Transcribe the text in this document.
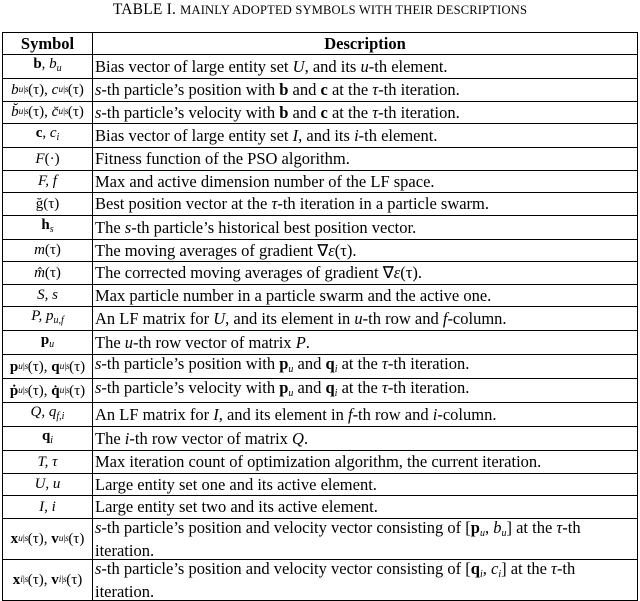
TABLE I. MAINLY ADOPTED SYMBOLS WITH THEIR DESCRIPTIONS
Symbol	Description
b, $b_u$	Bias vector of large entity set U, and its u-th element.
bu|s(τ), cu|s(τ)	s-th particle’s position with b and c at the τ-th iteration.
b̆u|s(τ), c̆u|s(τ)	s-th particle’s velocity with b and c at the τ-th iteration.
c, $c_i$	Bias vector of large entity set I, and its i-th element.
F(·)	Fitness function of the PSO algorithm.
F, f	Max and active dimension number of the LF space.
ğ(τ)	Best position vector at the τ-th iteration in a particle swarm.
$h_s$	The s-th particle’s historical best position vector.
m(τ)	The moving averages of gradient ∇ε(τ).
m̂(τ)	The corrected moving averages of gradient ∇ε(τ).
S, s	Max particle number in a particle swarm and the active one.
P, $p_{u,f}$	An LF matrix for U, and its element in u-th row and f-column.
$p_u$	The u-th row vector of matrix P.
pu|s(τ), qu|s(τ)	s-th particle’s position with $p_u$ and $q_i$ at the τ-th iteration.
ṗu|s(τ), q̇u|s(τ)	s-th particle’s velocity with $p_u$ and $q_i$ at the τ-th iteration.
Q, $q_{f,i}$	An LF matrix for I, and its element in f-th row and i-column.
$q_i$	The i-th row vector of matrix Q.
T, τ	Max iteration count of optimization algorithm, the current iteration.
U, u	Large entity set one and its active element.
I, i	Large entity set two and its active element.
xu|s(τ), vu|s(τ)	s-th particle’s position and velocity vector consisting of [$p_u$, $b_u$] at the τ-th iteration.
xi|s(τ), vi|s(τ)	s-th particle’s position and velocity vector consisting of [$q_i$, $c_i$] at the τ-th iteration.
